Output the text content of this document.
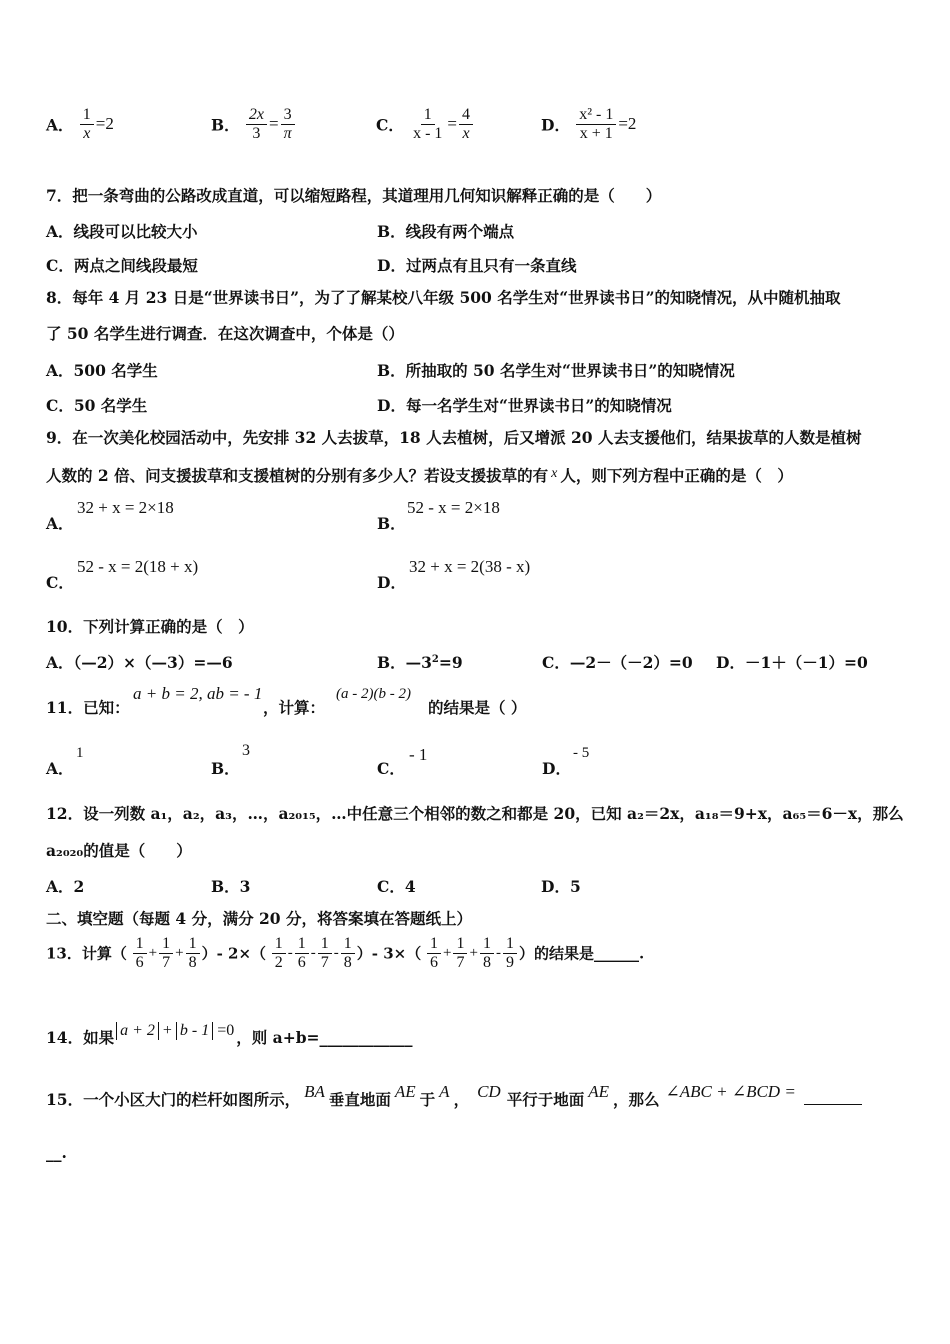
A． $\frac{1}{x} =2$	B． $\frac{2x}{3} = \frac{3}{\pi}$	C． $\frac{1}{x - 1} = \frac{4}{x}$	D． $\frac{\text{x² - 1}}{x + 1} =2$
7．把一条弯曲的公路改成直道，可以缩短路程，其道理用几何知识解释正确的是（　　）
A．线段可以比较大小	B．线段有两个端点
C．两点之间线段最短	D．过两点有且只有一条直线
8．每年 4 月 23 日是“世界读书日”，为了了解某校八年级 500 名学生对“世界读书日”的知晓情况，从中随机抽取
了 50 名学生进行调查．在这次调查中，个体是（）
A．500 名学生	B．所抽取的 50 名学生对“世界读书日”的知晓情况
C．50 名学生	D．每一名学生对“世界读书日”的知晓情况
9．在一次美化校园活动中，先安排 32 人去拔草，18 人去植树，后又增派 20 人去支援他们，结果拔草的人数是植树
人数的 2 倍、问支援拔草和支援植树的分别有多少人？若设支援拔草的有 x 人，则下列方程中正确的是（　）
A．
32 + x = 2×18
B．
52 - x = 2×18
C．
52 - x = 2(18 + x)
D．
32 + x = 2(38 - x)
10．下列计算正确的是（　）
A．（—2）×（—3）=—6	B．$—3^2=9$	C．—2－（－2）=0 D．－1＋（－1）=0
11．已知：
a + b = 2, ab = - 1
，计算：
(a - 2)(b - 2)
的结果是（ ）
A．
1
B．
3
C．
- 1
D．
- 5
12．设一列数 a₁，a₂，a₃，…，a₂₀₁₅，…中任意三个相邻的数之和都是 20，已知 a₂＝2x，a₁₈＝9+x，a₆₅＝6－x，那么
a₂₀₂₀的值是（　　）
A．2	B．3	C．4	D．5
二、填空题（每题 4 分，满分 20 分，将答案填在答题纸上）
13．计算（ $\frac{1}{6} + \frac{1}{7} + \frac{1}{8}$ ）- $2\times( \frac{1}{2} - \frac{1}{6} - \frac{1}{7} - \frac{1}{8}$ ）- $3\times( \frac{1}{6} + \frac{1}{7} + \frac{1}{8} - \frac{1}{9}$ ）的结果是______.
14．如果 a + 2 + b - 1 =0 ，则 a+b=____________
15．一个小区大门的栏杆如图所示， BA 垂直地面 AE 于 A ， CD 平行于地面 AE ，那么 ∠ABC + ∠BCD =
__.
